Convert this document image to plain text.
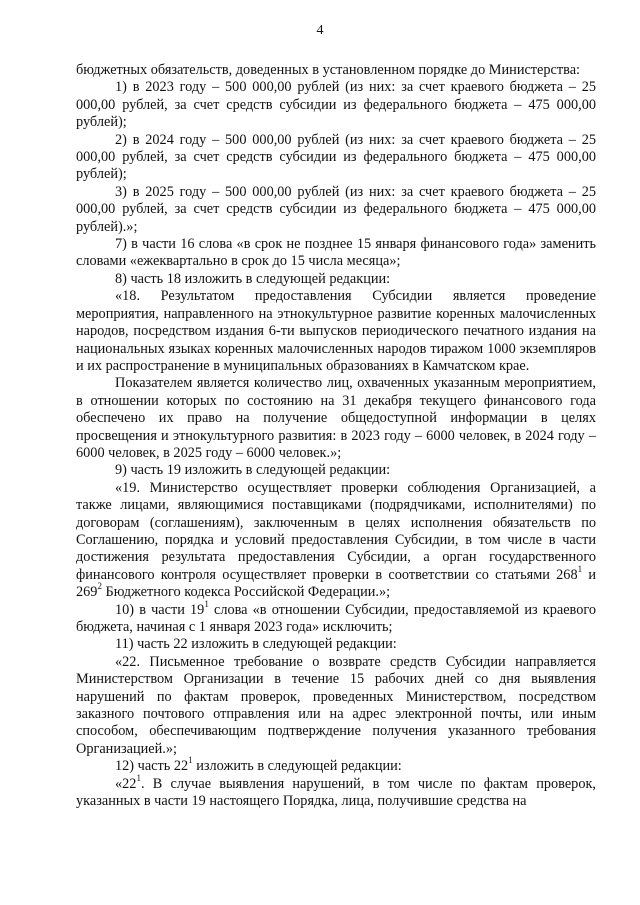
4

бюджетных обязательств, доведенных в установленном порядке до Министерства:

1) в 2023 году – 500 000,00 рублей (из них: за счет краевого бюджета – 25 000,00 рублей, за счет средств субсидии из федерального бюджета – 475 000,00 рублей);

2) в 2024 году – 500 000,00 рублей (из них: за счет краевого бюджета – 25 000,00 рублей, за счет средств субсидии из федерального бюджета – 475 000,00 рублей);

3) в 2025 году – 500 000,00 рублей (из них: за счет краевого бюджета – 25 000,00 рублей, за счет средств субсидии из федерального бюджета – 475 000,00 рублей).»;

7) в части 16 слова «в срок не позднее 15 января финансового года» заменить словами «ежеквартально в срок до 15 числа месяца»;

8) часть 18 изложить в следующей редакции:

«18. Результатом предоставления Субсидии является проведение мероприятия, направленного на этнокультурное развитие коренных малочисленных народов, посредством издания 6-ти выпусков периодического печатного издания на национальных языках коренных малочисленных народов тиражом 1000 экземпляров и их распространение в муниципальных образованиях в Камчатском крае.

Показателем является количество лиц, охваченных указанным мероприятием, в отношении которых по состоянию на 31 декабря текущего финансового года обеспечено их право на получение общедоступной информации в целях просвещения и этнокультурного развития: в 2023 году – 6000 человек, в 2024 году – 6000 человек, в 2025 году – 6000 человек.»;

9) часть 19 изложить в следующей редакции:

«19. Министерство осуществляет проверки соблюдения Организацией, а также лицами, являющимися поставщиками (подрядчиками, исполнителями) по договорам (соглашениям), заключенным в целях исполнения обязательств по Соглашению, порядка и условий предоставления Субсидии, в том числе в части достижения результата предоставления Субсидии, а орган государственного финансового контроля осуществляет проверки в соответствии со статьями $268^1$ и $269^2$ Бюджетного кодекса Российской Федерации.»;

10) в части $19^1$ слова «в отношении Субсидии, предоставляемой из краевого бюджета, начиная с 1 января 2023 года» исключить;

11) часть 22 изложить в следующей редакции:

«22. Письменное требование о возврате средств Субсидии направляется Министерством Организации в течение 15 рабочих дней со дня выявления нарушений по фактам проверок, проведенных Министерством, посредством заказного почтового отправления или на адрес электронной почты, или иным способом, обеспечивающим подтверждение получения указанного требования Организацией.»;

12) часть $22^1$ изложить в следующей редакции:

«$22^1$. В случае выявления нарушений, в том числе по фактам проверок, указанных в части 19 настоящего Порядка, лица, получившие средства на
